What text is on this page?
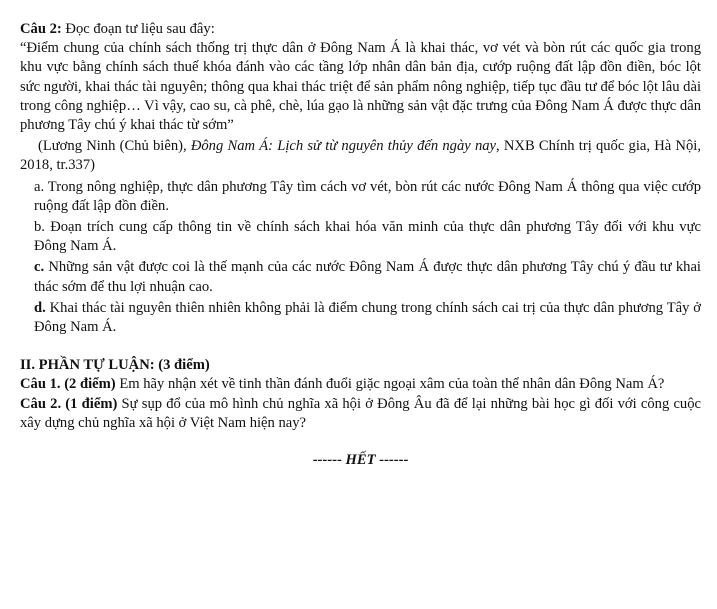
Câu 2: Đọc đoạn tư liệu sau đây:

“Điểm chung của chính sách thống trị thực dân ở Đông Nam Á là khai thác, vơ vét và bòn rút các quốc gia trong khu vực bằng chính sách thuế khóa đánh vào các tầng lớp nhân dân bản địa, cướp ruộng đất lập đồn điền, bóc lột sức người, khai thác tài nguyên; thông qua khai thác triệt để sản phẩm nông nghiệp, tiếp tục đầu tư để bóc lột lâu dài trong công nghiệp… Vì vậy, cao su, cà phê, chè, lúa gạo là những sản vật đặc trưng của Đông Nam Á được thực dân phương Tây chú ý khai thác từ sớm”

(Lương Ninh (Chủ biên), Đông Nam Á: Lịch sử từ nguyên thủy đến ngày nay, NXB Chính trị quốc gia, Hà Nội, 2018, tr.337)

a. Trong nông nghiệp, thực dân phương Tây tìm cách vơ vét, bòn rút các nước Đông Nam Á thông qua việc cướp ruộng đất lập đồn điền.

b. Đoạn trích cung cấp thông tin về chính sách khai hóa văn minh của thực dân phương Tây đối với khu vực Đông Nam Á.

c. Những sản vật được coi là thế mạnh của các nước Đông Nam Á được thực dân phương Tây chú ý đầu tư khai thác sớm để thu lợi nhuận cao.

d. Khai thác tài nguyên thiên nhiên không phải là điểm chung trong chính sách cai trị của thực dân phương Tây ở Đông Nam Á.

II. PHẦN TỰ LUẬN: (3 điểm)

Câu 1. (2 điểm) Em hãy nhận xét về tinh thần đánh đuổi giặc ngoại xâm của toàn thể nhân dân Đông Nam Á?

Câu 2. (1 điểm) Sự sụp đổ của mô hình chủ nghĩa xã hội ở Đông Âu đã để lại những bài học gì đối với công cuộc xây dựng chủ nghĩa xã hội ở Việt Nam hiện nay?

------ HẾT ------
